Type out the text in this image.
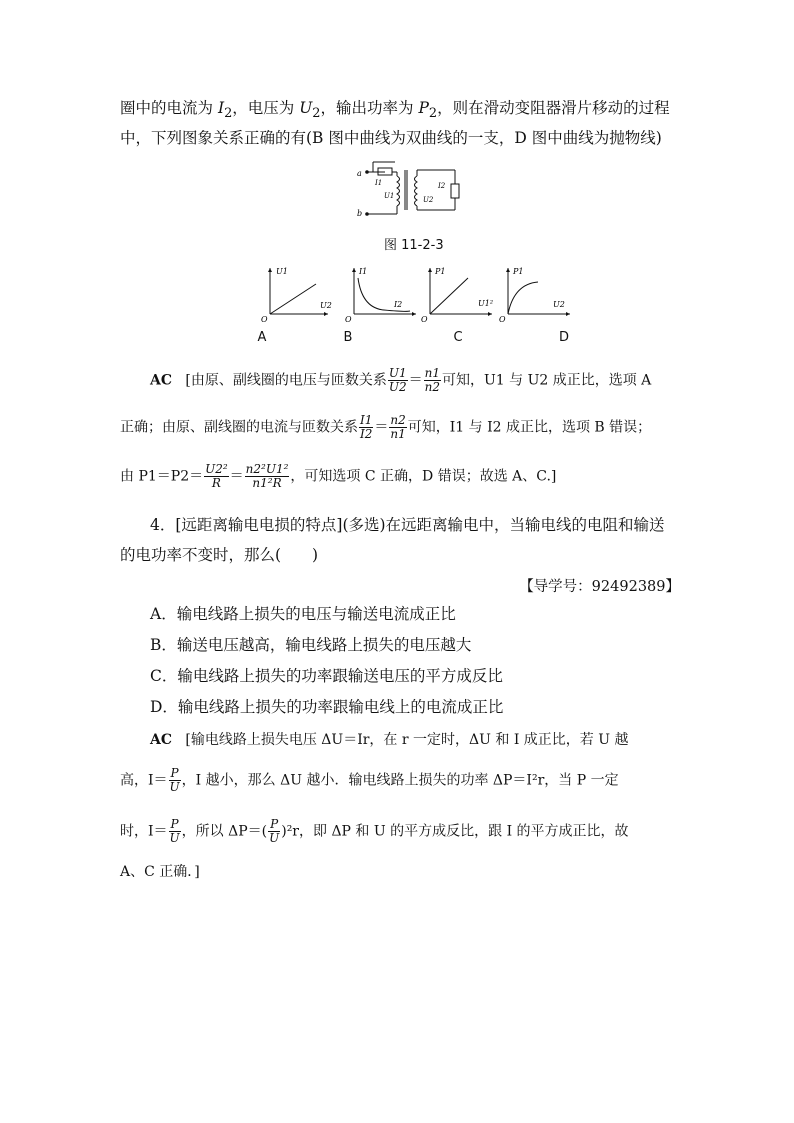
圈中的电流为 $I_2$，电压为 $U_2$，输出功率为 $P_2$，则在滑动变阻器滑片移动的过程
中，下列图象关系正确的有(B 图中曲线为双曲线的一支，D 图中曲线为抛物线)
a
b
I1
U1	U2
I2
图 11-2-3
U1
U2
O
I1
I2
O
P1
U1²
O
P1
U2
O
A	B	C	D
AC [由原、副线圈的电压与匝数关系 $\frac{U1}{U2} = \frac{n1}{n2}$ 可知，U1 与 U2 成正比，选项 A
正确；由原、副线圈的电流与匝数关系 $\frac{I1}{I2} = \frac{n2}{n1}$ 可知，I1 与 I2 成正比，选项 B 错误；
由 $P1=P2= \frac{\text{U2²}}{R} = \frac{\text{n2²U1²}}{\text{n1²R}}$ ，可知选项 C 正确，D 错误；故选 A、C.]
4．[远距离输电电损的特点](多选)在远距离输电中，当输电线的电阻和输送
的电功率不变时，那么(　　)
【导学号：92492389】
A．输电线路上损失的电压与输送电流成正比
B．输送电压越高，输电线路上损失的电压越大
C．输电线路上损失的功率跟输送电压的平方成反比
D．输电线路上损失的功率跟输电线上的电流成正比
AC [输电线路上损失电压 ΔU＝Ir，在 r 一定时，ΔU 和 I 成正比，若 U 越
高，$I= \frac{P}{U}$ ，I 越小，那么 ΔU 越小．输电线路上损失的功率 ΔP＝I²r，当 P 一定
时，$I= \frac{P}{U}$ ，所以 $\Delta P=( \frac{P}{U} )^2r$，即 ΔP 和 U 的平方成反比，跟 I 的平方成正比，故
A、C 正确．]
